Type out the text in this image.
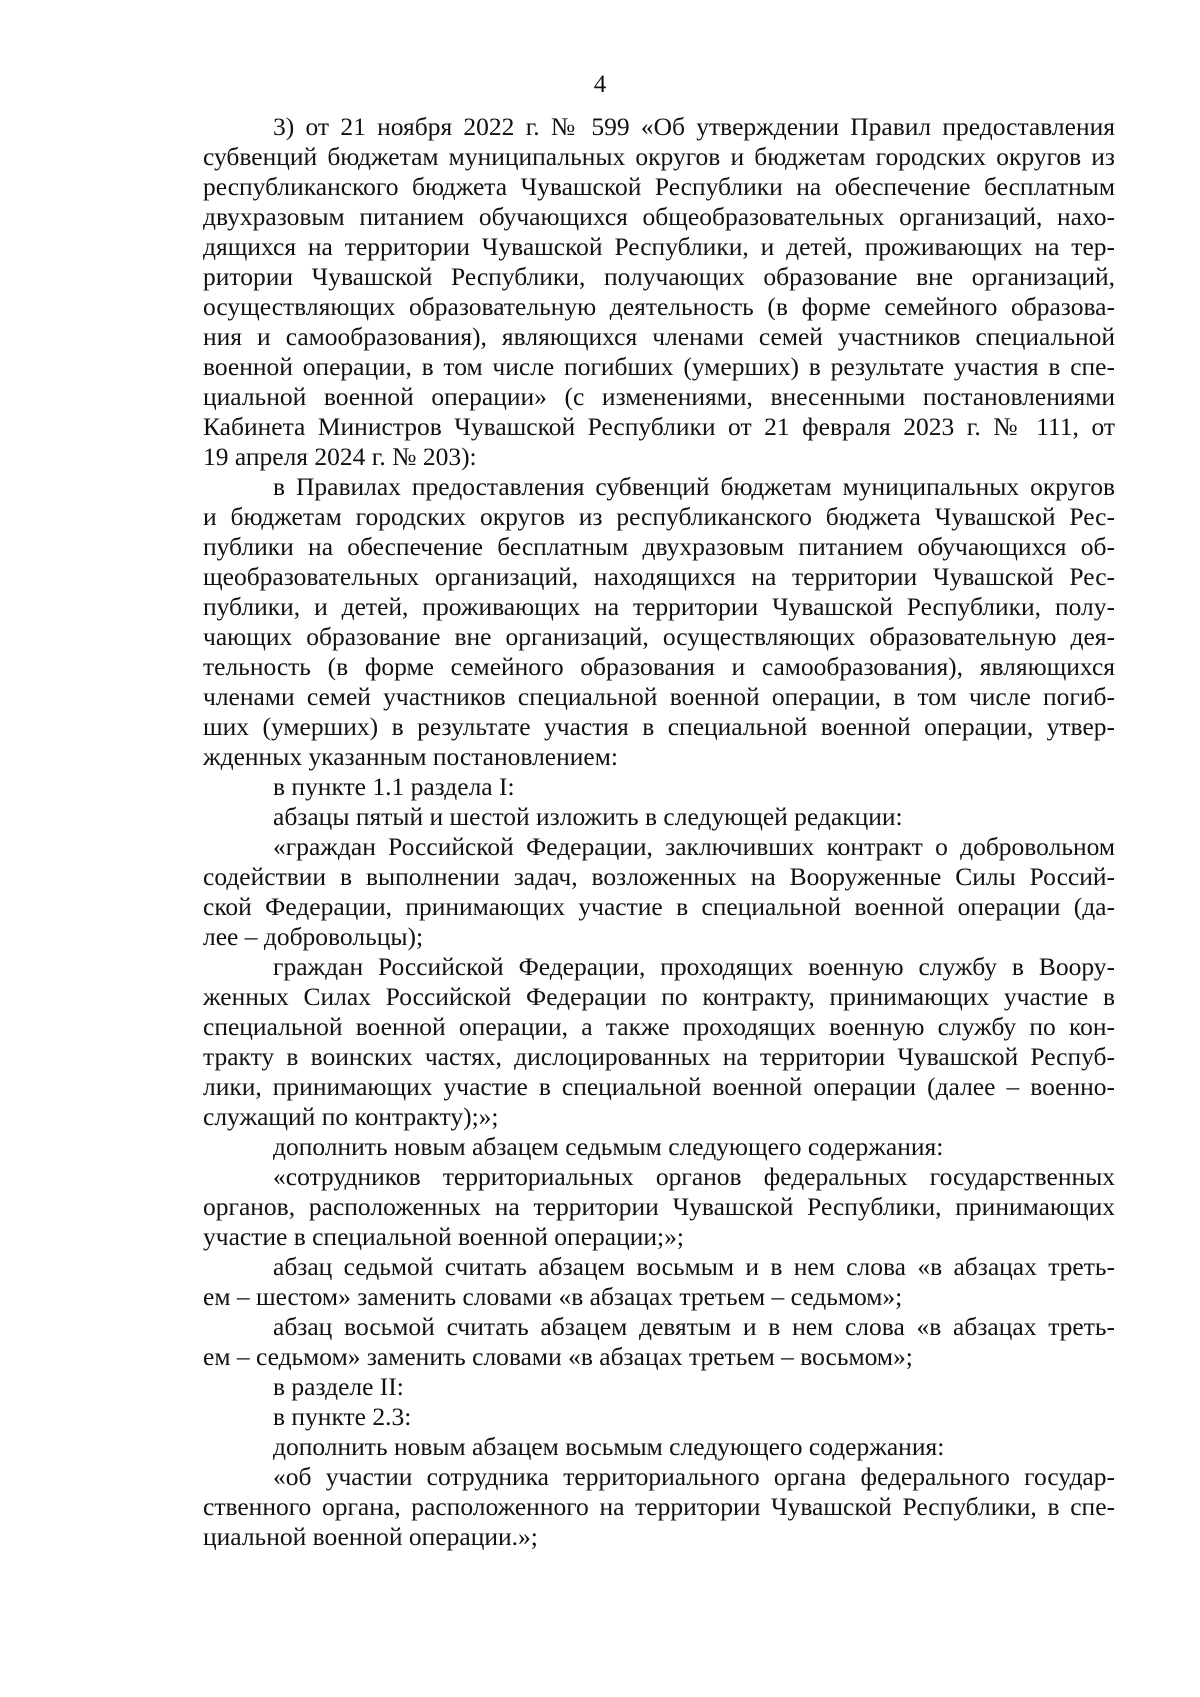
4

3) от 21 ноября 2022 г. № 599 «Об утверждении Правил предоставления
субвенций бюджетам муниципальных округов и бюджетам городских округов из
республиканского бюджета Чувашской Республики на обеспечение бесплатным
двухразовым питанием обучающихся общеобразовательных организаций, нахо-
дящихся на территории Чувашской Республики, и детей, проживающих на тер-
ритории Чувашской Республики, получающих образование вне организаций,
осуществляющих образовательную деятельность (в форме семейного образова-
ния и самообразования), являющихся членами семей участников специальной
военной операции, в том числе погибших (умерших) в результате участия в спе-
циальной военной операции» (с изменениями, внесенными постановлениями
Кабинета Министров Чувашской Республики от 21 февраля 2023 г. № 111, от
19 апреля 2024 г. № 203):

в Правилах предоставления субвенций бюджетам муниципальных округов
и бюджетам городских округов из республиканского бюджета Чувашской Рес-
публики на обеспечение бесплатным двухразовым питанием обучающихся об-
щеобразовательных организаций, находящихся на территории Чувашской Рес-
публики, и детей, проживающих на территории Чувашской Республики, полу-
чающих образование вне организаций, осуществляющих образовательную дея-
тельность (в форме семейного образования и самообразования), являющихся
членами семей участников специальной военной операции, в том числе погиб-
ших (умерших) в результате участия в специальной военной операции, утвер-
жденных указанным постановлением:

в пункте 1.1 раздела I:

абзацы пятый и шестой изложить в следующей редакции:

«граждан Российской Федерации, заключивших контракт о добровольном
содействии в выполнении задач, возложенных на Вооруженные Силы Россий-
ской Федерации, принимающих участие в специальной военной операции (да-
лее – добровольцы);

граждан Российской Федерации, проходящих военную службу в Воору-
женных Силах Российской Федерации по контракту, принимающих участие в
специальной военной операции, а также проходящих военную службу по кон-
тракту в воинских частях, дислоцированных на территории Чувашской Респуб-
лики, принимающих участие в специальной военной операции (далее – военно-
служащий по контракту);»;

дополнить новым абзацем седьмым следующего содержания:

«сотрудников территориальных органов федеральных государственных
органов, расположенных на территории Чувашской Республики, принимающих
участие в специальной военной операции;»;

абзац седьмой считать абзацем восьмым и в нем слова «в абзацах треть-
ем – шестом» заменить словами «в абзацах третьем – седьмом»;

абзац восьмой считать абзацем девятым и в нем слова «в абзацах треть-
ем – седьмом» заменить словами «в абзацах третьем – восьмом»;

в разделе II:

в пункте 2.3:

дополнить новым абзацем восьмым следующего содержания:

«об участии сотрудника территориального органа федерального государ-
ственного органа, расположенного на территории Чувашской Республики, в спе-
циальной военной операции.»;
